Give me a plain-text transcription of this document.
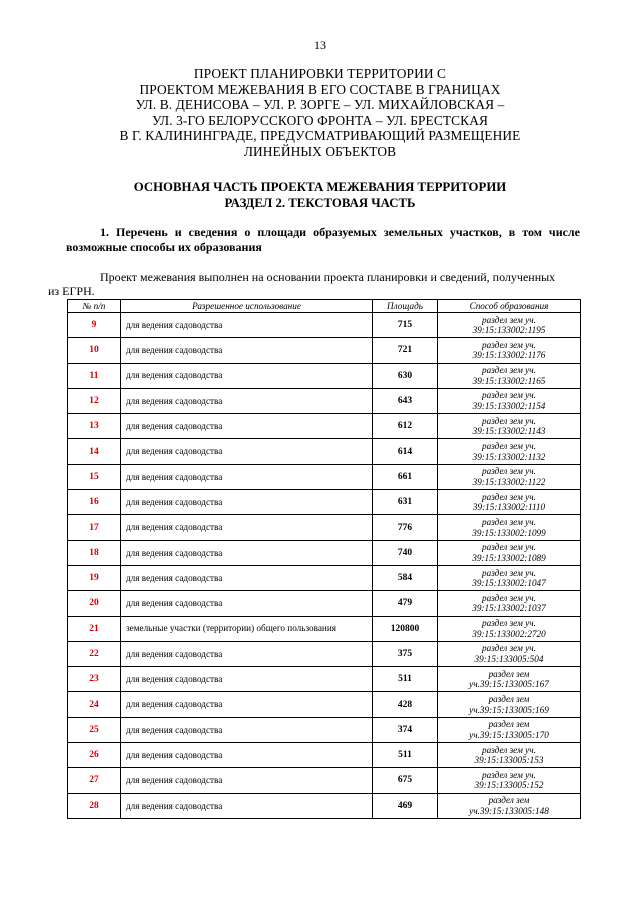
13
ПРОЕКТ ПЛАНИРОВКИ ТЕРРИТОРИИ С
ПРОЕКТОМ МЕЖЕВАНИЯ В ЕГО СОСТАВЕ В ГРАНИЦАХ
УЛ. В. ДЕНИСОВА – УЛ. Р. ЗОРГЕ – УЛ. МИХАЙЛОВСКАЯ –
УЛ. 3-ГО БЕЛОРУССКОГО ФРОНТА – УЛ. БРЕСТСКАЯ
В Г. КАЛИНИНГРАДЕ, ПРЕДУСМАТРИВАЮЩИЙ РАЗМЕЩЕНИЕ
ЛИНЕЙНЫХ ОБЪЕКТОВ
ОСНОВНАЯ ЧАСТЬ ПРОЕКТА МЕЖЕВАНИЯ ТЕРРИТОРИИ
РАЗДЕЛ 2. ТЕКСТОВАЯ ЧАСТЬ
1. Перечень и сведения о площади образуемых земельных участков, в том числе
возможные способы их образования
Проект межевания выполнен на основании проекта планировки и сведений, полученных
из ЕГРН.
№ п/п	Разрешенное использование	Площадь	Способ образования
9	для ведения садоводства	715	раздел зем уч.
39:15:133002:1195

10	для ведения садоводства	721	раздел зем уч.
39:15:133002:1176

11	для ведения садоводства	630	раздел зем уч.
39:15:133002:1165

12	для ведения садоводства	643	раздел зем уч.
39:15:133002:1154

13	для ведения садоводства	612	раздел зем уч.
39:15:133002:1143

14	для ведения садоводства	614	раздел зем уч.
39:15:133002:1132

15	для ведения садоводства	661	раздел зем уч.
39:15:133002:1122

16	для ведения садоводства	631	раздел зем уч.
39:15:133002:1110

17	для ведения садоводства	776	раздел зем уч.
39:15:133002:1099

18	для ведения садоводства	740	раздел зем уч.
39:15:133002:1089

19	для ведения садоводства	584	раздел зем уч.
39:15:133002:1047

20	для ведения садоводства	479	раздел зем уч.
39:15:133002:1037

21	земельные участки (территории) общего пользования	120800	раздел зем уч.
39:15:133002:2720

22	для ведения садоводства	375	раздел зем уч.
39:15:133005:504

23	для ведения садоводства	511	раздел зем
уч.39:15:133005:167

24	для ведения садоводства	428	раздел зем
уч.39:15:133005:169

25	для ведения садоводства	374	раздел зем
уч.39:15:133005:170

26	для ведения садоводства	511	раздел зем уч.
39:15:133005:153

27	для ведения садоводства	675	раздел зем уч.
39:15:133005:152

28	для ведения садоводства	469	раздел зем
уч.39:15:133005:148
